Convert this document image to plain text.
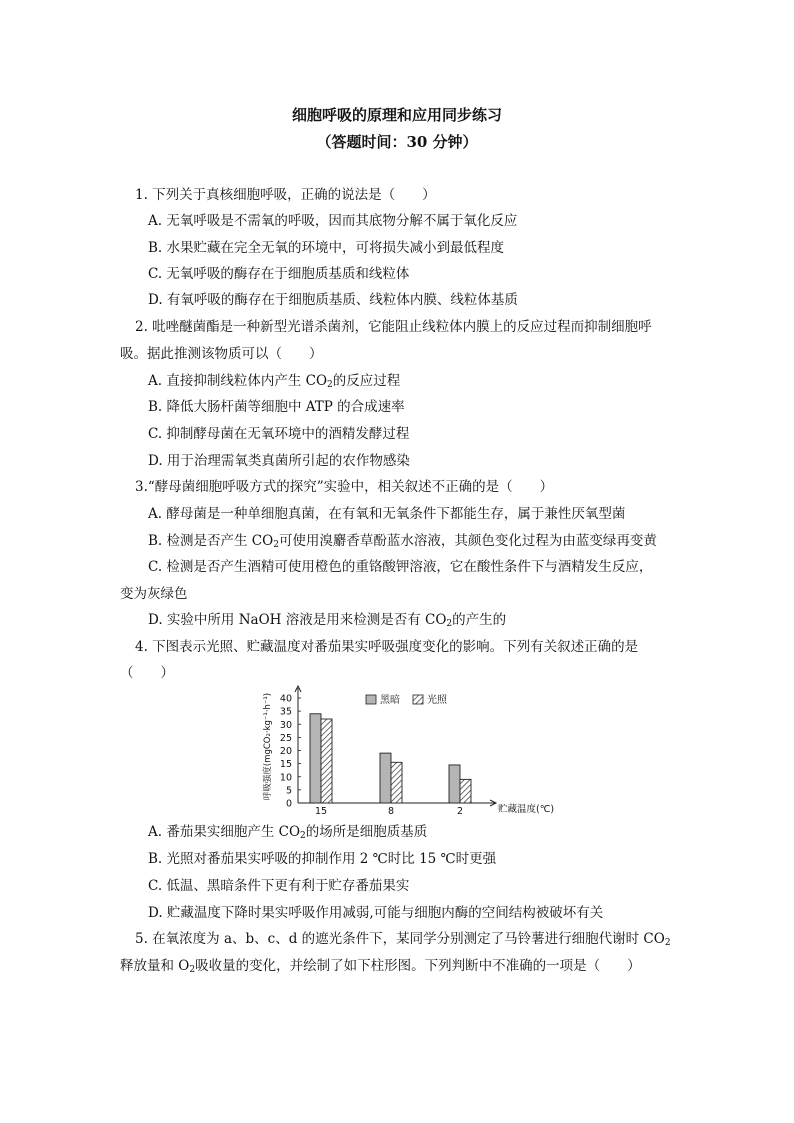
细胞呼吸的原理和应用同步练习
（答题时间：30 分钟）
1. 下列关于真核细胞呼吸，正确的说法是（　　）
A. 无氧呼吸是不需氧的呼吸，因而其底物分解不属于氧化反应
B. 水果贮藏在完全无氧的环境中，可将损失减小到最低程度
C. 无氧呼吸的酶存在于细胞质基质和线粒体
D. 有氧呼吸的酶存在于细胞质基质、线粒体内膜、线粒体基质
2. 吡唑醚菌酯是一种新型光谱杀菌剂，它能阻止线粒体内膜上的反应过程而抑制细胞呼
吸。据此推测该物质可以（　　）
A. 直接抑制线粒体内产生 $CO_2$的反应过程
B. 降低大肠杆菌等细胞中 ATP 的合成速率
C. 抑制酵母菌在无氧环境中的酒精发酵过程
D. 用于治理需氧类真菌所引起的农作物感染
3.“酵母菌细胞呼吸方式的探究”实验中，相关叙述不正确的是（　　）
A. 酵母菌是一种单细胞真菌，在有氧和无氧条件下都能生存，属于兼性厌氧型菌
B. 检测是否产生 $CO_2$可使用溴麝香草酚蓝水溶液，其颜色变化过程为由蓝变绿再变黄
C. 检测是否产生酒精可使用橙色的重铬酸钾溶液，它在酸性条件下与酒精发生反应，
变为灰绿色
D. 实验中所用 NaOH 溶液是用来检测是否有 $CO_2$的产生的
4. 下图表示光照、贮藏温度对番茄果实呼吸强度变化的影响。下列有关叙述正确的是
（　　）
0
5
10
15
20
25
30
35
40
呼吸强度(mgCO₂·kg⁻¹·h⁻¹)
贮藏温度(℃)
15	8	2
黑暗	光照
A. 番茄果实细胞产生 $CO_2$的场所是细胞质基质
B. 光照对番茄果实呼吸的抑制作用 2 ℃时比 15 ℃时更强
C. 低温、黑暗条件下更有利于贮存番茄果实
D. 贮藏温度下降时果实呼吸作用减弱,可能与细胞内酶的空间结构被破坏有关
5. 在氧浓度为 a、b、c、d 的遮光条件下，某同学分别测定了马铃薯进行细胞代谢时 $CO_2$
释放量和 $O_2$吸收量的变化，并绘制了如下柱形图。下列判断中不准确的一项是（　　）
